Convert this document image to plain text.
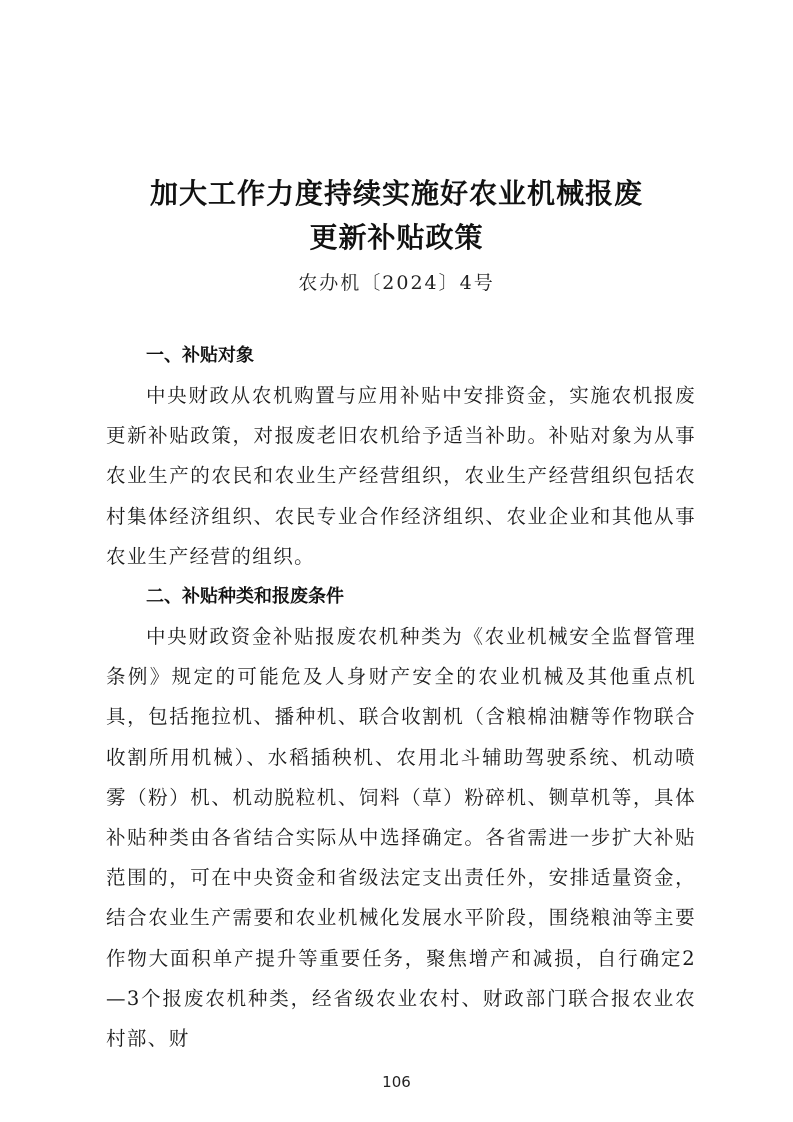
加大工作力度持续实施好农业机械报废
更新补贴政策
农办机〔2024〕4号
一、补贴对象
中央财政从农机购置与应用补贴中安排资金，实施农机报废更新补贴政策，对报废老旧农机给予适当补助。补贴对象为从事农业生产的农民和农业生产经营组织，农业生产经营组织包括农村集体经济组织、农民专业合作经济组织、农业企业和其他从事农业生产经营的组织。
二、补贴种类和报废条件
中央财政资金补贴报废农机种类为《农业机械安全监督管理条例》规定的可能危及人身财产安全的农业机械及其他重点机具，包括拖拉机、播种机、联合收割机（含粮棉油糖等作物联合收割所用机械）、水稻插秧机、农用北斗辅助驾驶系统、机动喷雾（粉）机、机动脱粒机、饲料（草）粉碎机、铡草机等，具体补贴种类由各省结合实际从中选择确定。各省需进一步扩大补贴范围的，可在中央资金和省级法定支出责任外，安排适量资金，结合农业生产需要和农业机械化发展水平阶段，围绕粮油等主要作物大面积单产提升等重要任务，聚焦增产和减损，自行确定2—3个报废农机种类，经省级农业农村、财政部门联合报农业农村部、财
106
